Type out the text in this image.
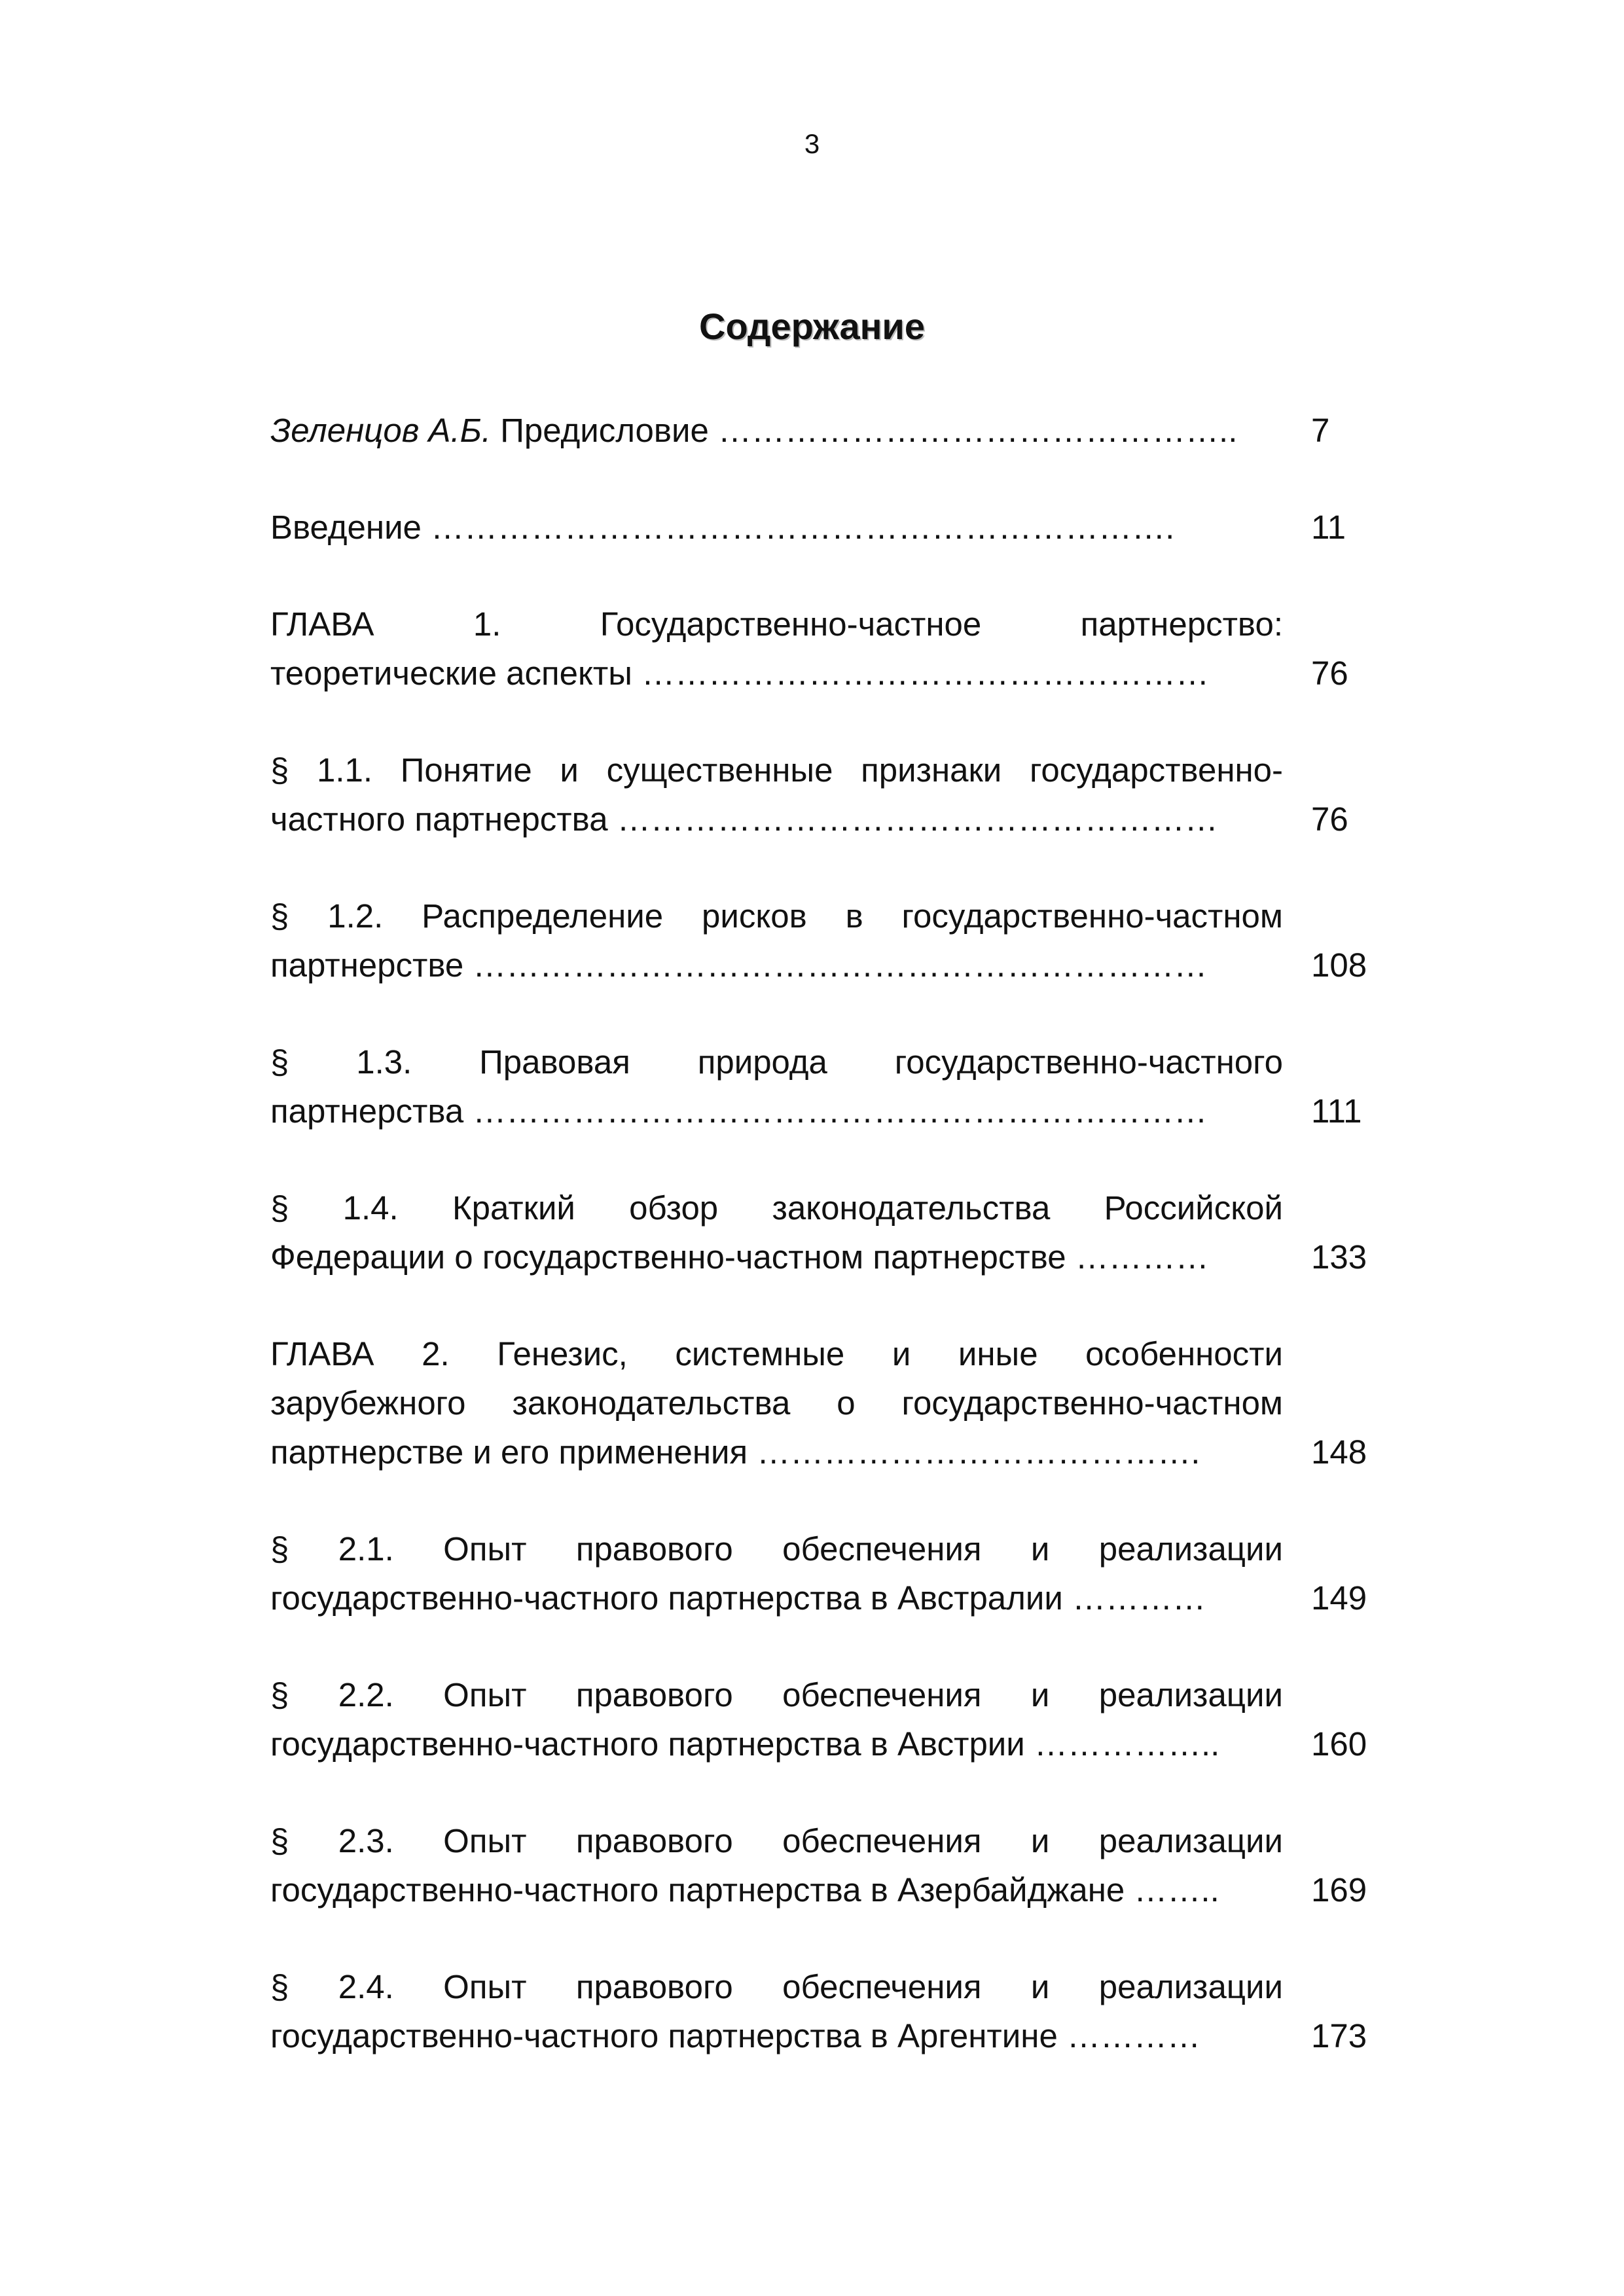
3
Содержание
Зеленцов А.Б. Предисловие ………………………………………..	7
Введение ………………………………………………………….	11
ГЛАВА 1. Государственно-частное партнерство:
теоретические аспекты ……………………………………………	76
§ 1.1. Понятие и существенные признаки государственно-
частного партнерства ………………………………………………	76
§ 1.2. Распределение рисков в государственно-частном
партнерстве …………………………………………………………	108
§ 1.3. Правовая природа государственно-частного
партнерства …………………………………………………………	111
§ 1.4. Краткий обзор законодательства Российской
Федерации о государственно-частном партнерстве …………	133
ГЛАВА 2. Генезис, системные и иные особенности
зарубежного законодательства о государственно-частном
партнерстве и его применения ………………………………….	148
§ 2.1. Опыт правового обеспечения и реализации
государственно-частного партнерства в Австралии …………	149
§ 2.2. Опыт правового обеспечения и реализации
государственно-частного партнерства в Австрии ……………..	160
§ 2.3. Опыт правового обеспечения и реализации
государственно-частного партнерства в Азербайджане ……..	169
§ 2.4. Опыт правового обеспечения и реализации
государственно-частного партнерства в Аргентине …………	173
